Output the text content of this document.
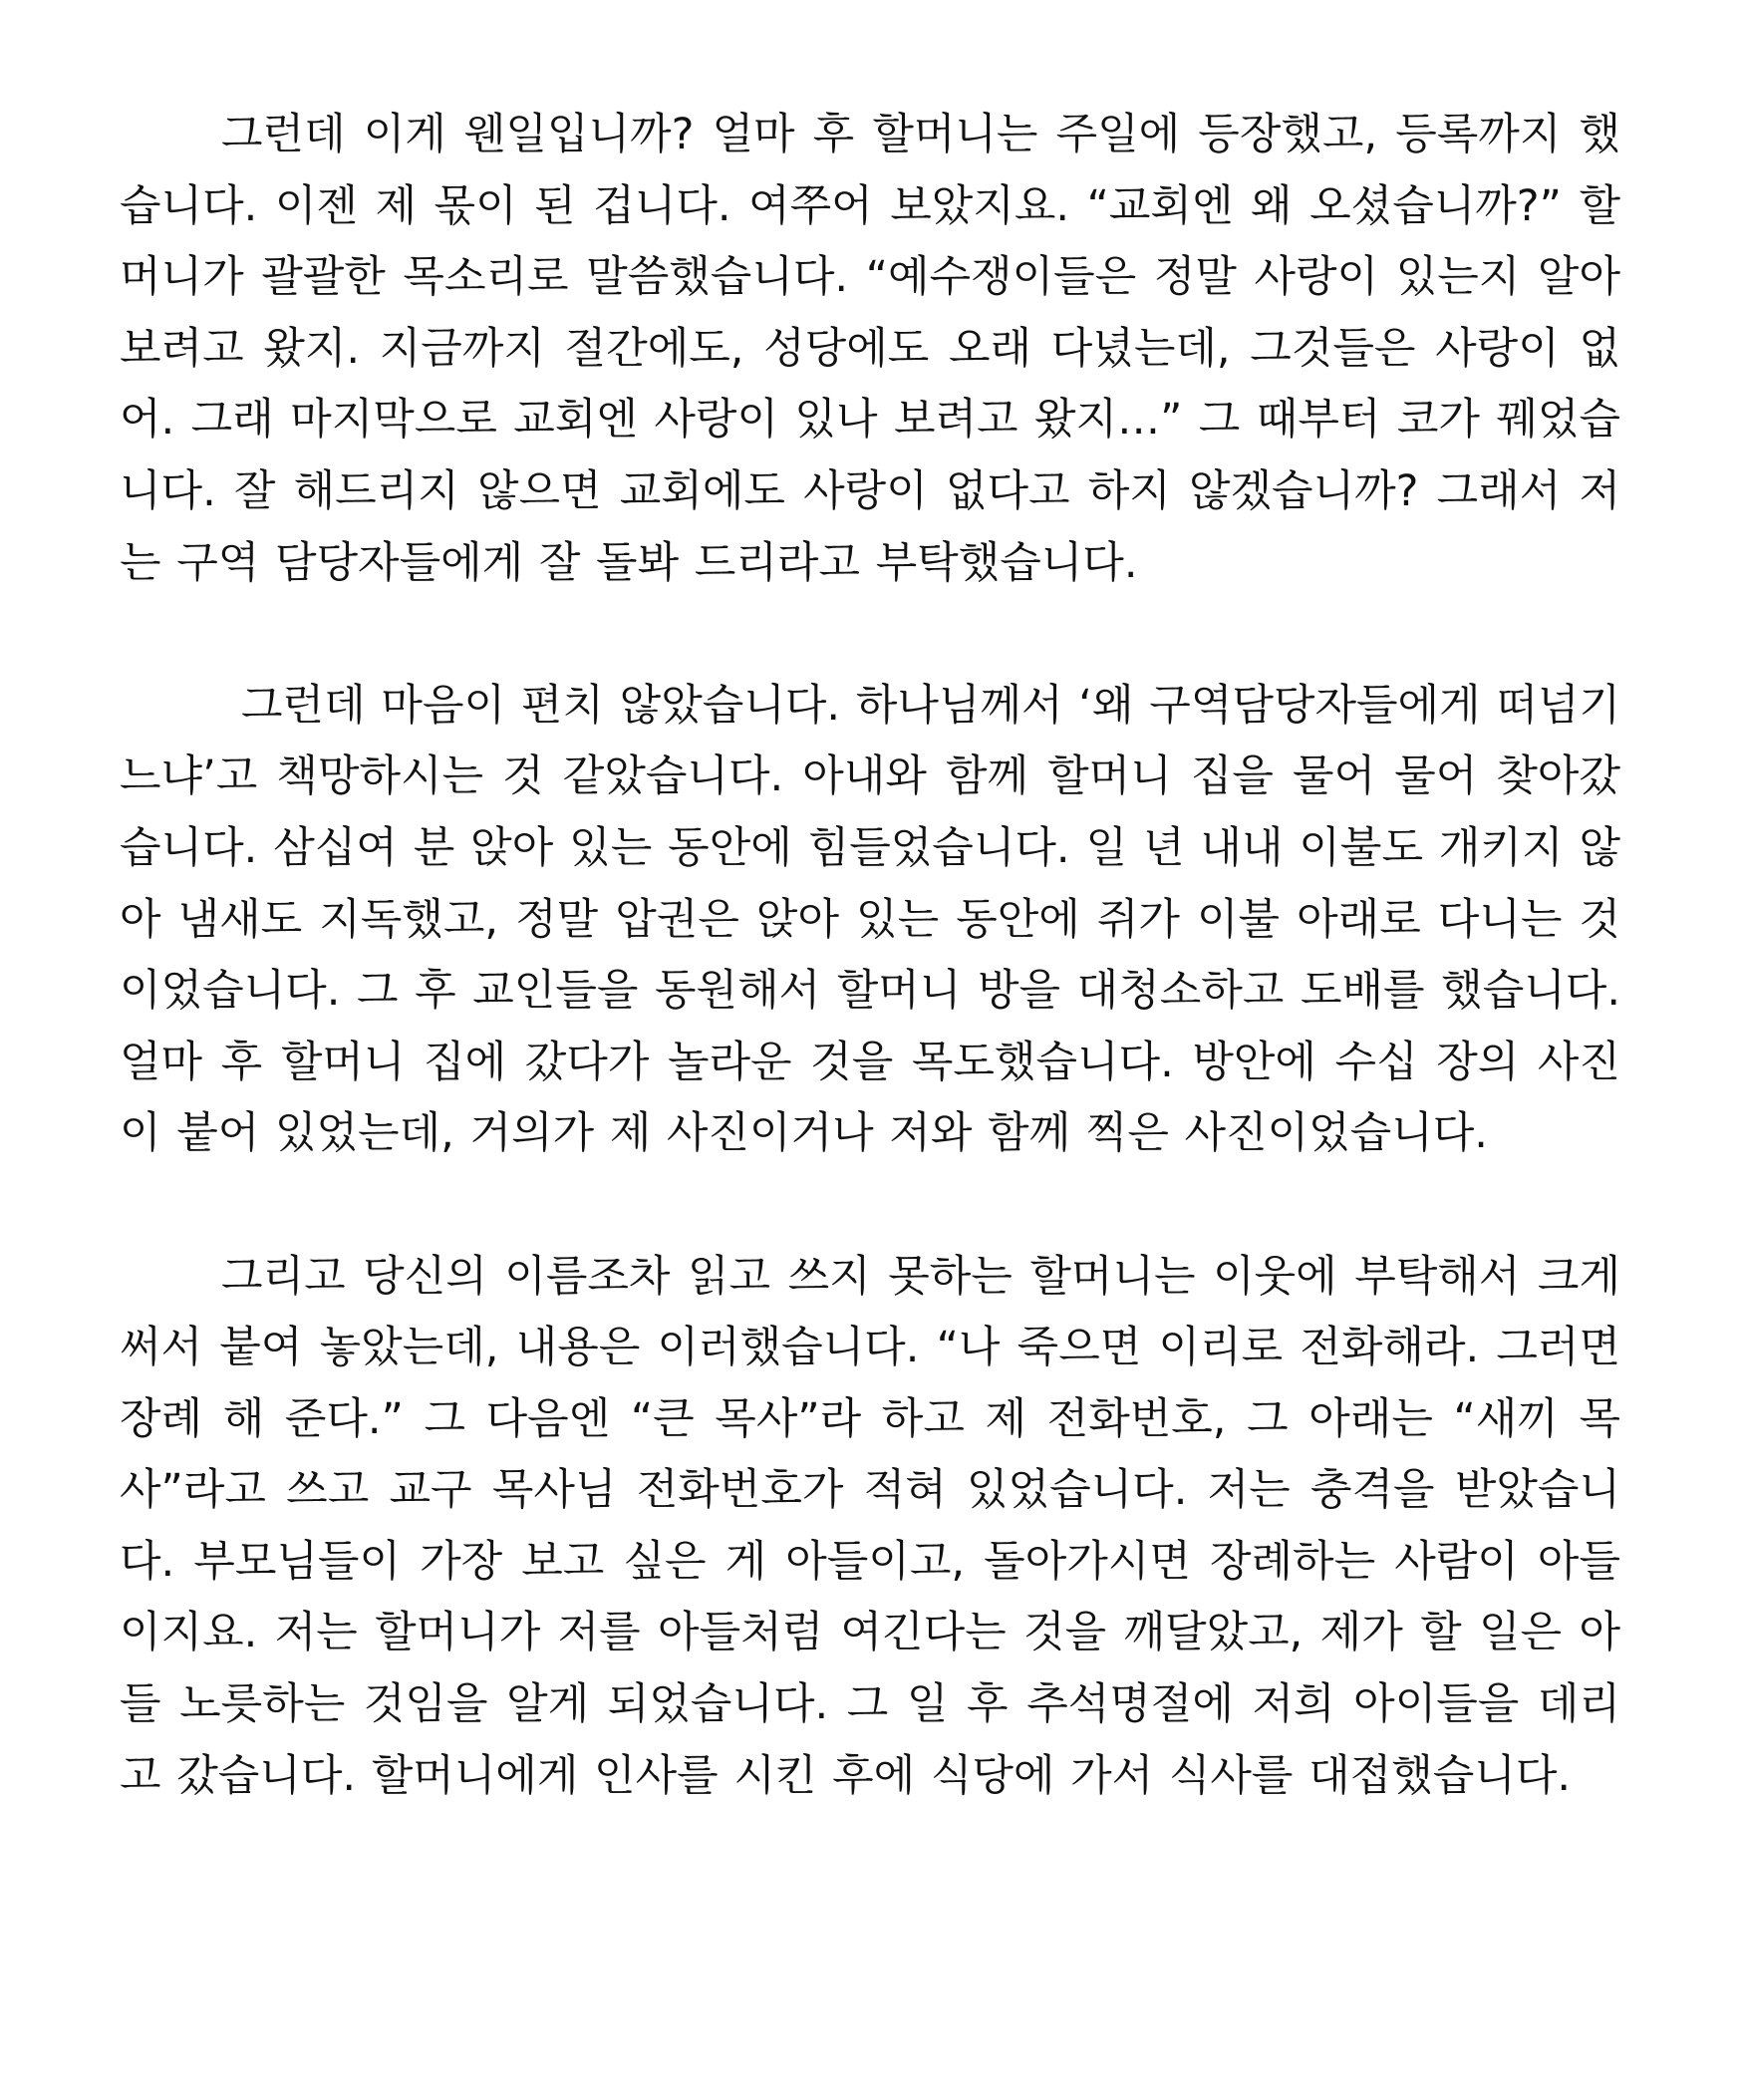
그런데 이게 웬일입니까? 얼마 후 할머니는 주일에 등장했고, 등록까지 했습니다. 이젠 제 몫이 된 겁니다. 여쭈어 보았지요. “교회엔 왜 오셨습니까?” 할머니가 괄괄한 목소리로 말씀했습니다. “예수쟁이들은 정말 사랑이 있는지 알아보려고 왔지. 지금까지 절간에도, 성당에도 오래 다녔는데, 그것들은 사랑이 없어. 그래 마지막으로 교회엔 사랑이 있나 보려고 왔지…” 그 때부터 코가 꿰었습니다. 잘 해드리지 않으면 교회에도 사랑이 없다고 하지 않겠습니까? 그래서 저는 구역 담당자들에게 잘 돌봐 드리라고 부탁했습니다.

그런데 마음이 편치 않았습니다. 하나님께서 ‘왜 구역담당자들에게 떠넘기느냐’고 책망하시는 것 같았습니다. 아내와 함께 할머니 집을 물어 물어 찾아갔습니다. 삼십여 분 앉아 있는 동안에 힘들었습니다. 일 년 내내 이불도 개키지 않아 냄새도 지독했고, 정말 압권은 앉아 있는 동안에 쥐가 이불 아래로 다니는 것이었습니다. 그 후 교인들을 동원해서 할머니 방을 대청소하고 도배를 했습니다. 얼마 후 할머니 집에 갔다가 놀라운 것을 목도했습니다. 방안에 수십 장의 사진이 붙어 있었는데, 거의가 제 사진이거나 저와 함께 찍은 사진이었습니다.

그리고 당신의 이름조차 읽고 쓰지 못하는 할머니는 이웃에 부탁해서 크게 써서 붙여 놓았는데, 내용은 이러했습니다. “나 죽으면 이리로 전화해라. 그러면 장례 해 준다.” 그 다음엔 “큰 목사”라 하고 제 전화번호, 그 아래는 “새끼 목사”라고 쓰고 교구 목사님 전화번호가 적혀 있었습니다. 저는 충격을 받았습니다. 부모님들이 가장 보고 싶은 게 아들이고, 돌아가시면 장례하는 사람이 아들이지요. 저는 할머니가 저를 아들처럼 여긴다는 것을 깨달았고, 제가 할 일은 아들 노릇하는 것임을 알게 되었습니다. 그 일 후 추석명절에 저희 아이들을 데리고 갔습니다. 할머니에게 인사를 시킨 후에 식당에 가서 식사를 대접했습니다.
